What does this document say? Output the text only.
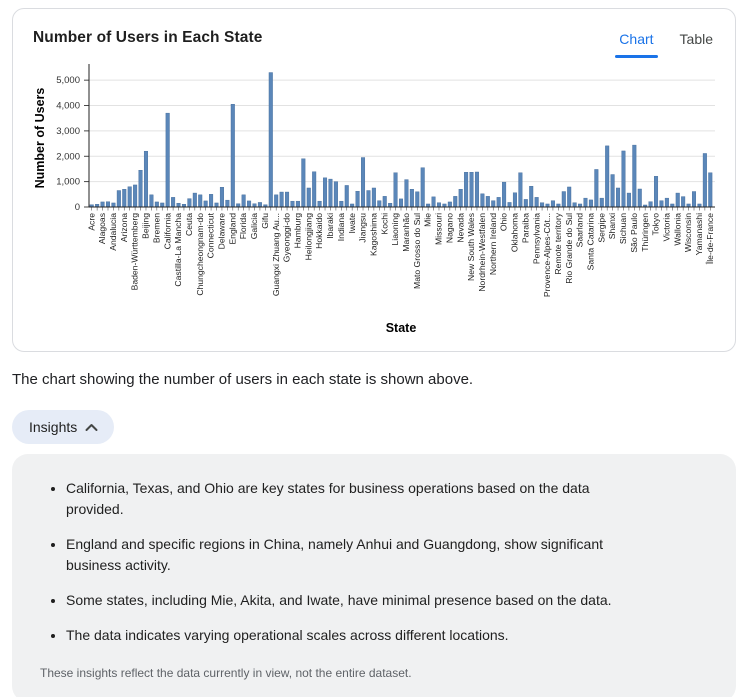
Number of Users in Each State	Chart Table
0
1,000
2,000
3,000
4,000
5,000
Acre Alagoas Andalucia Arizona Baden-Württemberg Beijing Bremen California Castilla-La Mancha Ceuta Chungcheongnam-do Connecticut Delaware England Florida Galicia Gifu Guangxi Zhuang Au... Gyeonggi-do Hamburg Heilongjiang Hokkaido Ibaraki Indiana Iwate Jiangsu Kagoshima Kochi Liaoning Maranhão Mato Grosso do Sul Mie Missouri Nagano Nevada New South Wales Nordrhein-Westfalen Northern Ireland Ohio Oklahoma Paraíba Pennsylvania Provence-Alpes-Côt... Remote territory Rio Grande do Sul Saarland Santa Catarina Sergipe Shanxi Sichuan São Paulo Thüringen Tokyo Victoria Wallonia Wisconsin Yamanashi Île-de-France
Number of Users
State
The chart showing the number of users in each state is shown above.
Insights
• California, Texas, and Ohio are key states for business operations based on the data provided.
• England and specific regions in China, namely Anhui and Guangdong, show significant business activity.
• Some states, including Mie, Akita, and Iwate, have minimal presence based on the data.
• The data indicates varying operational scales across different locations.
These insights reflect the data currently in view, not the entire dataset.
